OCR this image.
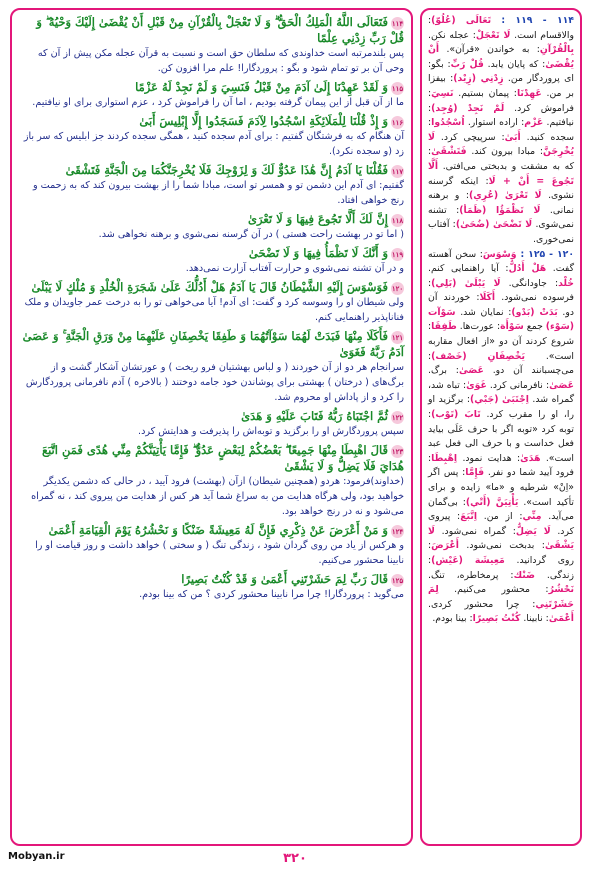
۱۱۴فَتَعَالَى اللَّهُ الْمَلِكُ الْحَقُّ ۗ وَ لَا تَعْجَلْ بِالْقُرْآنِ مِنْ قَبْلِ أَنْ يُقْضَىٰ إِلَيْكَ وَحْيُهُ ۖ وَ قُلْ رَبِّ زِدْنِي عِلْمًا
پس بلندمرتبه است خداوندی که سلطان حق است و نسبت به قرآن عجله مکن پیش از آن که وحی آن بر تو تمام شود و بگو : پروردگارا! علم مرا افزون کن.
۱۱۵وَ لَقَدْ عَهِدْنَا إِلَىٰ آدَمَ مِنْ قَبْلُ فَنَسِيَ وَ لَمْ نَجِدْ لَهُ عَزْمًا
ما از آن قبل از این پیمان گرفته بودیم ، اما آن را فراموش کرد ، عزم استواری برای او نیافتیم.
۱۱۶وَ إِذْ قُلْنَا لِلْمَلَائِكَةِ اسْجُدُوا لِآدَمَ فَسَجَدُوا إِلَّا إِبْلِيسَ أَبَىٰ
آن هنگام که به فرشتگان گفتیم : برای آدم سجده کنید ، همگی سجده کردند جز ابلیس که سر باز زد (و سجده نکرد).
۱۱۷فَقُلْنَا يَا آدَمُ إِنَّ هَٰذَا عَدُوٌّ لَكَ وَ لِزَوْجِكَ فَلَا يُخْرِجَنَّكُمَا مِنَ الْجَنَّةِ فَتَشْقَىٰ
گفتیم: ای آدم این دشمن تو و همسر تو است، مبادا شما را از بهشت بیرون کند که به زحمت و رنج خواهی افتاد.
۱۱۸إِنَّ لَكَ أَلَّا تَجُوعَ فِيهَا وَ لَا تَعْرَىٰ
( اما تو در بهشت راحت هستی ) در آن گرسنه نمی‌شوی و برهنه نخواهی شد.
۱۱۹وَ أَنَّكَ لَا تَظْمَأُ فِيهَا وَ لَا تَضْحَىٰ
و در آن تشنه نمی‌شوی و حرارت آفتاب آزارت نمی‌دهد.
۱۲۰فَوَسْوَسَ إِلَيْهِ الشَّيْطَانُ قَالَ يَا آدَمُ هَلْ أَدُلُّكَ عَلَىٰ شَجَرَةِ الْخُلْدِ وَ مُلْكٍ لَا يَبْلَىٰ
ولی شیطان او را وسوسه کرد و گفت: ای آدم! آیا می‌خواهی تو را به درخت عمر جاویدان و ملک فناناپذیر راهنمایی کنم.
۱۲۱فَأَكَلَا مِنْهَا فَبَدَتْ لَهُمَا سَوْآتُهُمَا وَ طَفِقَا يَخْصِفَانِ عَلَيْهِمَا مِنْ وَرَقِ الْجَنَّةِ ۚ وَ عَصَىٰ آدَمُ رَبَّهُ فَغَوَىٰ
سرانجام هر دو از آن خوردند ( و لباس بهشتیان فرو ریخت ) و عورتشان آشکار گشت و از برگ‌های ( درختان ) بهشتی برای پوشاندن خود جامه دوختند ( بالاخره ) آدم نافرمانی پروردگارش را کرد و از پاداش او محروم شد.
۱۲۲ثُمَّ اجْتَبَاهُ رَبُّهُ فَتَابَ عَلَيْهِ وَ هَدَىٰ
سپس پروردگارش او را برگزید و توبه‌اش را پذیرفت و هدایتش کرد.
۱۲۳قَالَ اهْبِطَا مِنْهَا جَمِيعًا ۖ بَعْضُكُمْ لِبَعْضٍ عَدُوٌّ ۖ فَإِمَّا يَأْتِيَنَّكُمْ مِنِّي هُدًى فَمَنِ اتَّبَعَ هُدَايَ فَلَا يَضِلُّ وَ لَا يَشْقَىٰ
(خداوند)فرمود: هردو (همچنین شیطان) ازآن (بهشت) فرود آیید ، در حالی که دشمن یکدیگر خواهید بود، ولی هرگاه هدایت من به سراغ شما آید هر کس از هدایت من پیروی کند ، نه گمراه می‌شود و نه در رنج خواهد بود.
۱۲۴وَ مَنْ أَعْرَضَ عَنْ ذِكْرِي فَإِنَّ لَهُ مَعِيشَةً ضَنْكًا وَ نَحْشُرُهُ يَوْمَ الْقِيَامَةِ أَعْمَىٰ
و هرکس از یاد من روی گردان شود ، زندگی تنگ ( و سختی ) خواهد داشت و روز قیامت او را نابینا محشور می‌کنیم.
۱۲۵قَالَ رَبِّ لِمَ حَشَرْتَنِي أَعْمَىٰ وَ قَدْ كُنْتُ بَصِيرًا
می‌گوید : پروردگارا! چرا مرا نابینا محشور کردی ؟ من که بینا بودم.

۱۱۴ - ۱۱۹ : تَعَالَى (عُلُوّ): والاقسام است. لَا تَعْجَلْ: عجله نکن. بِالْقُرْآنِ: به خواندن «قرآن». أَنْ يُقْضَىٰ: که پایان یابد. قُلْ رَبِّ: بگو: ای پروردگار من. زِدْنِي (زِيْد): بیفزا بر من. عَهِدْنَا: پیمان بستیم. نَسِيَ: فراموش کرد. لَمْ نَجِدْ (وُجِد): نیافتیم. عَزْم: اراده استوار. اُسْجُدُوا: سجده کنید. أَبَىٰ: سرپیچی کرد. لَا يُخْرِجَنَّ: مبادا بیرون کند. فَتَشْقَىٰ: که به مشقت و بدبختی می‌افتی. أَلَّا تَجُوعَ = أَنْ + لَا: اینکه گرسنه نشوی. لَا تَعْرَىٰ (عُرِي): و برهنه نمانی. لَا تَظْمَؤُا (ظَمَأ): تشنه نمی‌شوی. لَا تَضْحَىٰ (ضُحَىٰ): آفتاب نمی‌خوری.

۱۲۰ - ۱۲۵ : وَسْوَسَ: سخن آهسته گفت. هَلْ أَدُلُّ: آیا راهنمایی کنم. خُلْد: جاودانگی. لَا يَبْلَىٰ (بَلِي): فرسوده نمی‌شود. أَكَلَا: خوردند آن دو. بَدَتْ (بَدْو): نمایان شد. سَوْآت (سَوْء) جمع سَوْأَة: عورت‌ها. طَفِقَا: شروع کردند آن دو «از افعال مقاربه است». يَخْصِفَانِ (خَصْف): می‌چسبانند آن دو. عَصَىٰ: برگ. عَصَىٰ: نافرمانی کرد. غَوَىٰ: تباه شد، گمراه شد. اِجْتَبَىٰ (جَبْي): برگزید او را، او را مقرب کرد. تَابَ (تَوْب): توبه کرد «توبه اگر با حرف عَلَى بیاید فعل خداست و با حرف الی فعل عبد است». هَدَىٰ: هدایت نمود. اِهْبِطَا: فرود آیید شما دو نفر. فَإِمَّا: پس اگر «اِنْ» شرطیه و «ما» زایده و برای تأکید است». يَأْتِيَنَّ (أَتْي): بی‌گمان می‌آید. مِنِّي: از من. اِتَّبَعَ: پیروی کرد. لَا يَضِلُّ: گمراه نمی‌شود. لَا يَشْقَىٰ: بدبخت نمی‌شود. أَعْرَضَ: روی گردانید. مَعِيشَة (عَيْش): زندگی. ضَنْك: پرمخاطره، تنگ. نَحْشُرُ: محشور می‌کنیم. لِمَ حَشَرْتَنِي: چرا محشور کردی. أَعْمَىٰ: نابینا. كُنْتُ بَصِيرًا: بینا بودم.

Mobyan.ir	۳۲۰
